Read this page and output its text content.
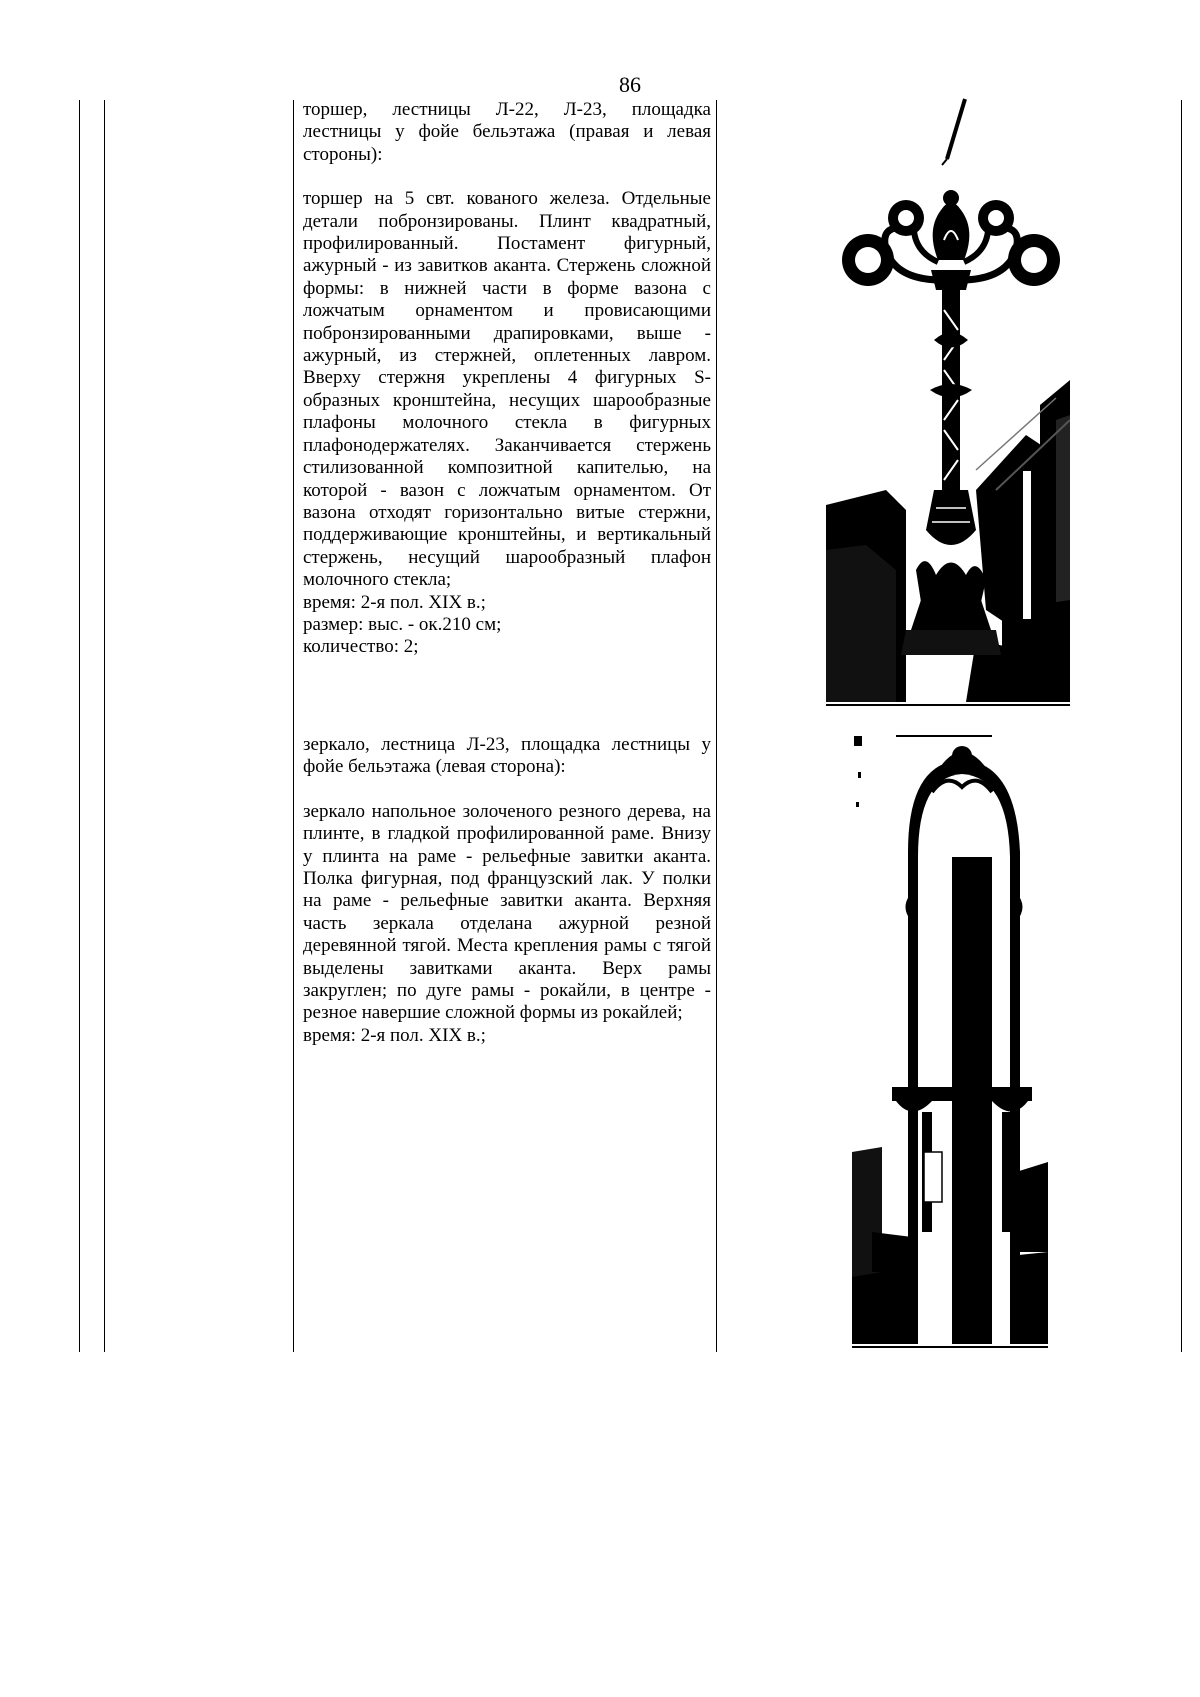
86

торшер, лестницы Л-22, Л-23, площадка лестницы у фойе бельэтажа (правая и левая стороны):

торшер на 5 свт. кованого железа. Отдельные детали побронзированы. Плинт квадратный, профилированный. Постамент фигурный, ажурный - из завитков аканта. Стержень сложной формы: в нижней части в форме вазона с ложчатым орнаментом и провисающими побронзированными драпировками, выше - ажурный, из стержней, оплетенных лавром. Вверху стержня укреплены 4 фигурных S-образных кронштейна, несущих шарообразные плафоны молочного стекла в фигурных плафонодержателях. Заканчивается стержень стилизованной композитной капителью, на которой - вазон с ложчатым орнаментом. От вазона отходят горизонтально витые стержни, поддерживающие кронштейны, и вертикальный стержень, несущий шарообразный плафон молочного стекла;

время: 2-я пол. XIX в.;

размер: выс. - ок.210 см;

количество: 2;

зеркало, лестница Л-23, площадка лестницы у фойе бельэтажа (левая сторона):

зеркало напольное золоченого резного дерева, на плинте, в гладкой профилированной раме. Внизу у плинта на раме - рельефные завитки аканта. Полка фигурная, под французский лак. У полки на раме - рельефные завитки аканта. Верхняя часть зеркала отделана ажурной резной деревянной тягой. Места крепления рамы с тягой выделены завитками аканта. Верх рамы закруглен; по дуге рамы - рокайли, в центре - резное навершие сложной формы из рокайлей;

время: 2-я пол. XIX в.;
